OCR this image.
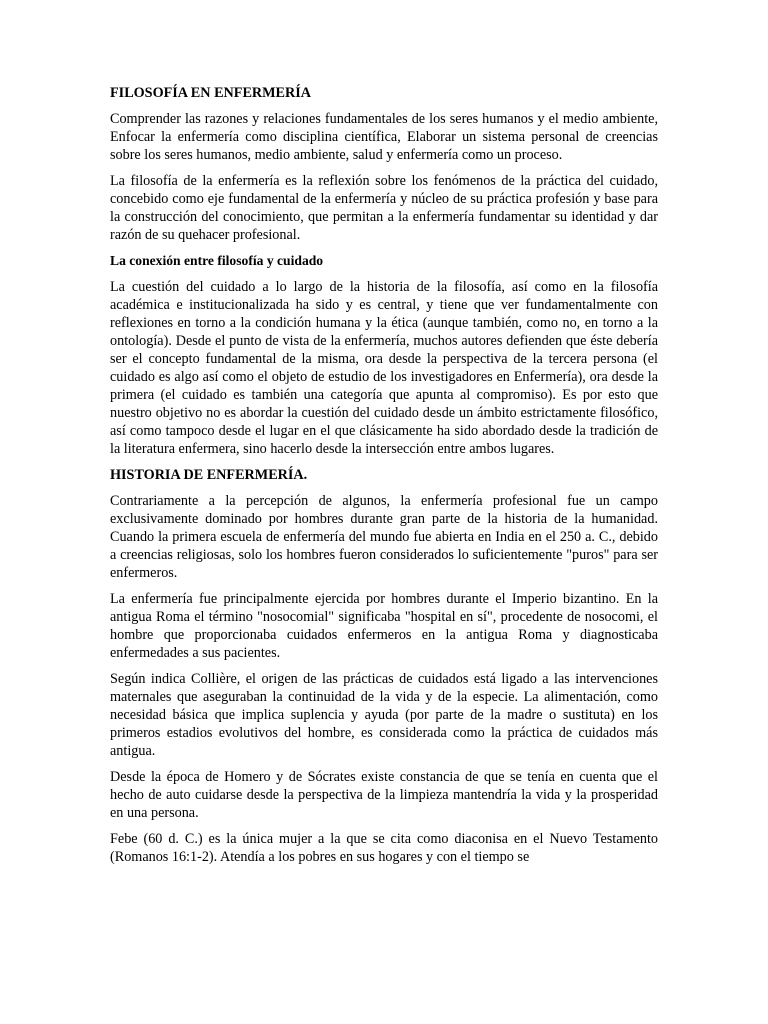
FILOSOFÍA EN ENFERMERÍA

Comprender las razones y relaciones fundamentales de los seres humanos y el medio ambiente, Enfocar la enfermería como disciplina científica, Elaborar un sistema personal de creencias sobre los seres humanos, medio ambiente, salud y enfermería como un proceso.

La filosofía de la enfermería es la reflexión sobre los fenómenos de la práctica del cuidado, concebido como eje fundamental de la enfermería y núcleo de su práctica profesión y base para la construcción del conocimiento, que permitan a la enfermería fundamentar su identidad y dar razón de su quehacer profesional.

La conexión entre filosofía y cuidado

La cuestión del cuidado a lo largo de la historia de la filosofía, así como en la filosofía académica e institucionalizada ha sido y es central, y tiene que ver fundamentalmente con reflexiones en torno a la condición humana y la ética (aunque también, como no, en torno a la ontología). Desde el punto de vista de la enfermería, muchos autores defienden que éste debería ser el concepto fundamental de la misma, ora desde la perspectiva de la tercera persona (el cuidado es algo así como el objeto de estudio de los investigadores en Enfermería), ora desde la primera (el cuidado es también una categoría que apunta al compromiso). Es por esto que nuestro objetivo no es abordar la cuestión del cuidado desde un ámbito estrictamente filosófico, así como tampoco desde el lugar en el que clásicamente ha sido abordado desde la tradición de la literatura enfermera, sino hacerlo desde la intersección entre ambos lugares.

HISTORIA DE ENFERMERÍA.

Contrariamente a la percepción de algunos, la enfermería profesional fue un campo exclusivamente dominado por hombres durante gran parte de la historia de la humanidad. Cuando la primera escuela de enfermería del mundo fue abierta en India en el 250 a. C., debido a creencias religiosas, solo los hombres fueron considerados lo suficientemente "puros" para ser enfermeros.

La enfermería fue principalmente ejercida por hombres durante el Imperio bizantino. En la antigua Roma el término "nosocomial" significaba "hospital en sí", procedente de nosocomi, el hombre que proporcionaba cuidados enfermeros en la antigua Roma y diagnosticaba enfermedades a sus pacientes.

Según indica Collière, el origen de las prácticas de cuidados está ligado a las intervenciones maternales que aseguraban la continuidad de la vida y de la especie. La alimentación, como necesidad básica que implica suplencia y ayuda (por parte de la madre o sustituta) en los primeros estadios evolutivos del hombre, es considerada como la práctica de cuidados más antigua.

Desde la época de Homero y de Sócrates existe constancia de que se tenía en cuenta que el hecho de auto cuidarse desde la perspectiva de la limpieza mantendría la vida y la prosperidad en una persona.

Febe (60 d. C.) es la única mujer a la que se cita como diaconisa en el Nuevo Testamento (Romanos 16:1-2). Atendía a los pobres en sus hogares y con el tiempo se
